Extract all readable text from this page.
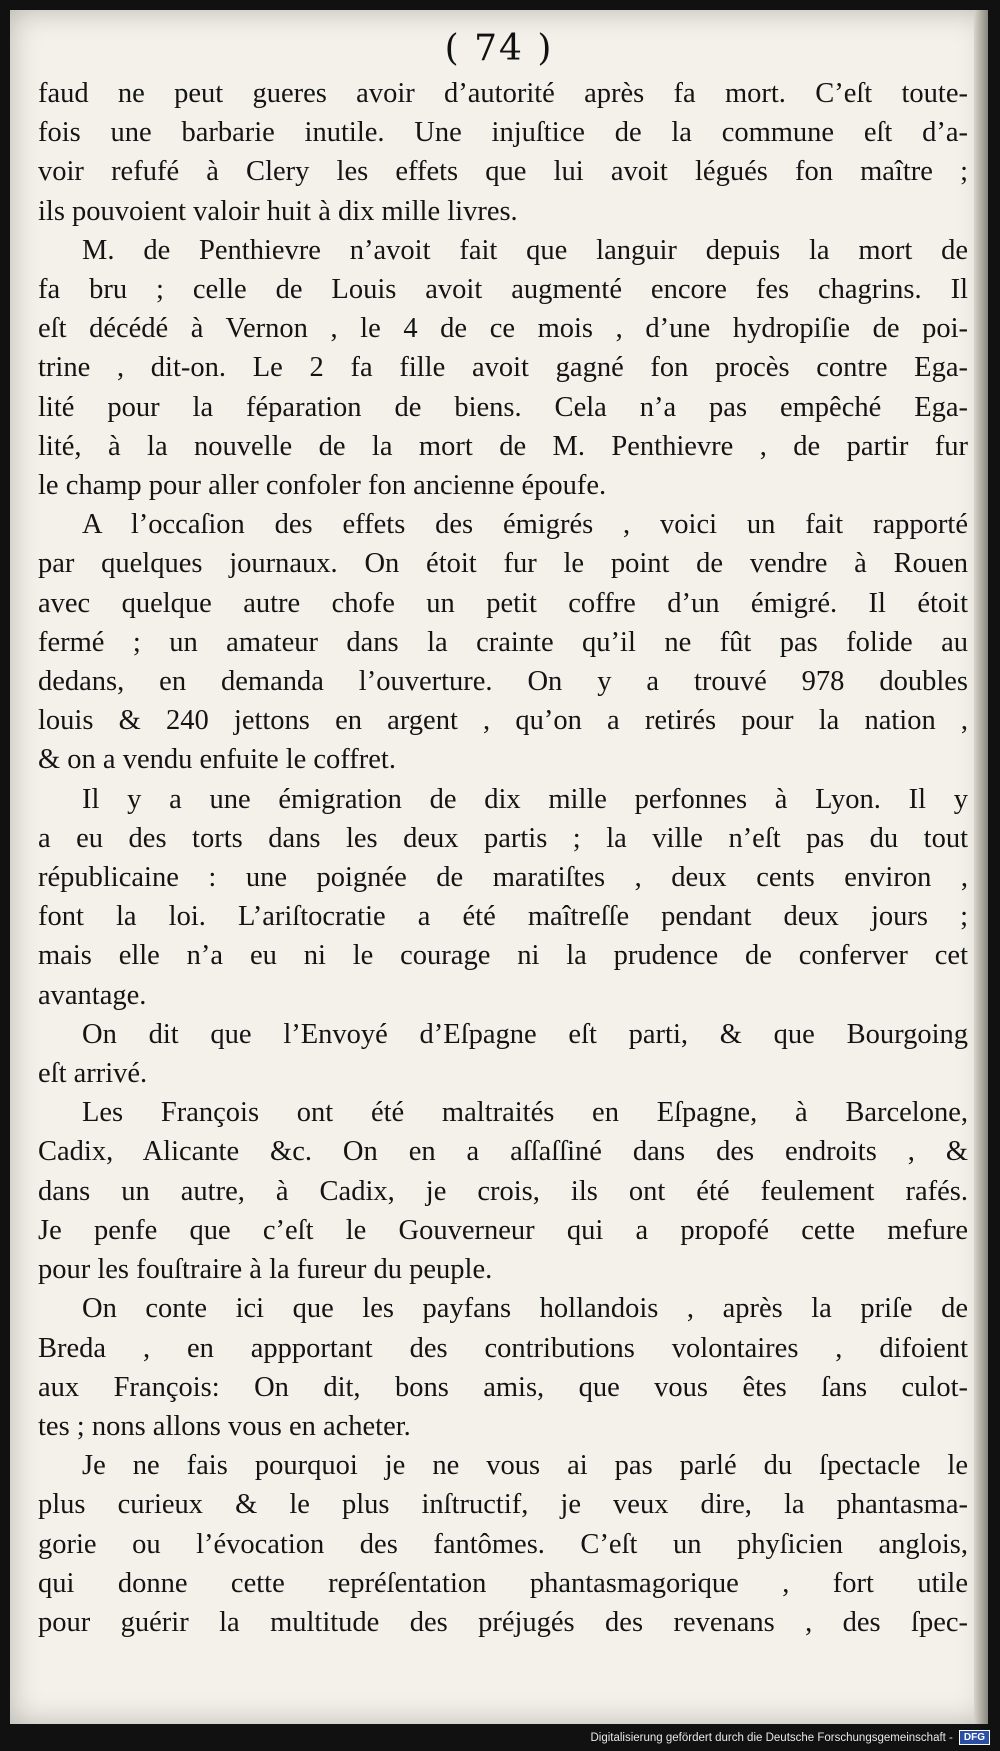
( 74 )
faud ne peut gueres avoir d’autorité après fa mort. C’eſt toute-
fois une barbarie inutile. Une injuſtice de la commune eſt d’a-
voir refufé à Clery les effets que lui avoit légués fon maître ;
ils pouvoient valoir huit à dix mille livres.
M. de Penthievre n’avoit fait que languir depuis la mort de
fa bru ; celle de Louis avoit augmenté encore fes chagrins. Il
eſt décédé à Vernon , le 4 de ce mois , d’une hydropiſie de poi-
trine , dit-on. Le 2 fa fille avoit gagné fon procès contre Ega-
lité pour la féparation de biens. Cela n’a pas empêché Ega-
lité, à la nouvelle de la mort de M. Penthievre , de partir fur
le champ pour aller confoler fon ancienne époufe.
A l’occaſion des effets des émigrés , voici un fait rapporté
par quelques journaux. On étoit fur le point de vendre à Rouen
avec quelque autre chofe un petit coffre d’un émigré. Il étoit
fermé ; un amateur dans la crainte qu’il ne fût pas folide au
dedans, en demanda l’ouverture. On y a trouvé 978 doubles
louis & 240 jettons en argent , qu’on a retirés pour la nation ,
& on a vendu enfuite le coffret.
Il y a une émigration de dix mille perfonnes à Lyon. Il y
a eu des torts dans les deux partis ; la ville n’eſt pas du tout
républicaine : une poignée de maratiſtes , deux cents environ ,
font la loi. L’ariſtocratie a été maîtreſſe pendant deux jours ;
mais elle n’a eu ni le courage ni la prudence de conferver cet
avantage.
On dit que l’Envoyé d’Eſpagne eſt parti, & que Bourgoing
eſt arrivé.
Les François ont été maltraités en Eſpagne, à Barcelone,
Cadix, Alicante &c. On en a aſſaſſiné dans des endroits , &
dans un autre, à Cadix, je crois, ils ont été feulement rafés.
Je penfe que c’eſt le Gouverneur qui a propofé cette mefure
pour les fouſtraire à la fureur du peuple.
On conte ici que les payfans hollandois , après la priſe de
Breda , en appportant des contributions volontaires , difoient
aux François: On dit, bons amis, que vous êtes ſans culot-
tes ; nons allons vous en acheter.
Je ne fais pourquoi je ne vous ai pas parlé du ſpectacle le
plus curieux & le plus inſtructif, je veux dire, la phantasma-
gorie ou l’évocation des fantômes. C’eſt un phyſicien anglois,
qui donne cette repréſentation phantasmagorique , fort utile
pour guérir la multitude des préjugés des revenans , des ſpec-
Digitalisierung gefördert durch die Deutsche Forschungsgemeinschaft -	DFG
